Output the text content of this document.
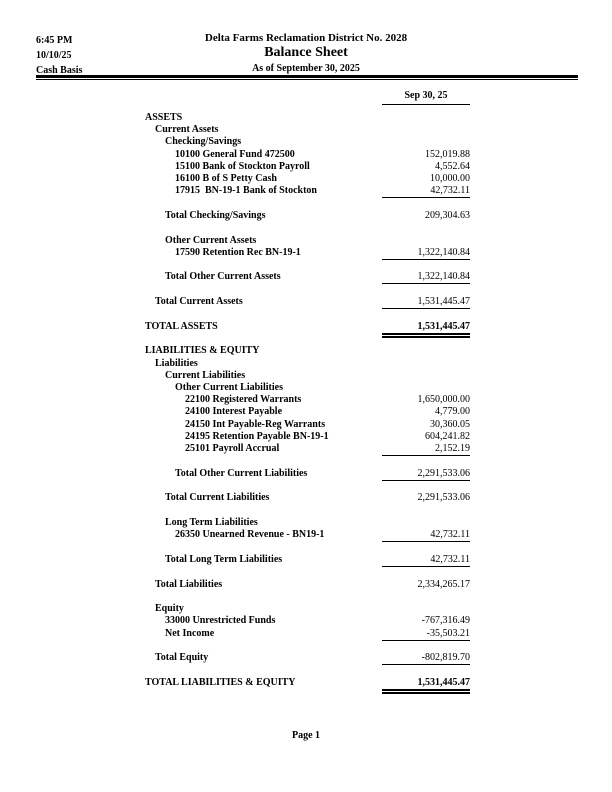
6:45 PM
10/10/25
Cash Basis
Delta Farms Reclamation District No. 2028
Balance Sheet
As of September 30, 2025
Sep 30, 25
ASSETS
Current Assets
Checking/Savings
10100 General Fund 472500	152,019.88
15100 Bank of Stockton Payroll	4,552.64
16100 B of S Petty Cash	10,000.00
17915  BN-19-1 Bank of Stockton	42,732.11
Total Checking/Savings	209,304.63
Other Current Assets
17590 Retention Rec BN-19-1	1,322,140.84
Total Other Current Assets	1,322,140.84
Total Current Assets	1,531,445.47
TOTAL ASSETS	1,531,445.47
LIABILITIES & EQUITY
Liabilities
Current Liabilities
Other Current Liabilities
22100 Registered Warrants	1,650,000.00
24100 Interest Payable	4,779.00
24150 Int Payable-Reg Warrants	30,360.05
24195 Retention Payable BN-19-1	604,241.82
25101 Payroll Accrual	2,152.19
Total Other Current Liabilities	2,291,533.06
Total Current Liabilities	2,291,533.06
Long Term Liabilities
26350 Unearned Revenue - BN19-1	42,732.11
Total Long Term Liabilities	42,732.11
Total Liabilities	2,334,265.17
Equity
33000 Unrestricted Funds	-767,316.49
Net Income	-35,503.21
Total Equity	-802,819.70
TOTAL LIABILITIES & EQUITY	1,531,445.47
Page 1
